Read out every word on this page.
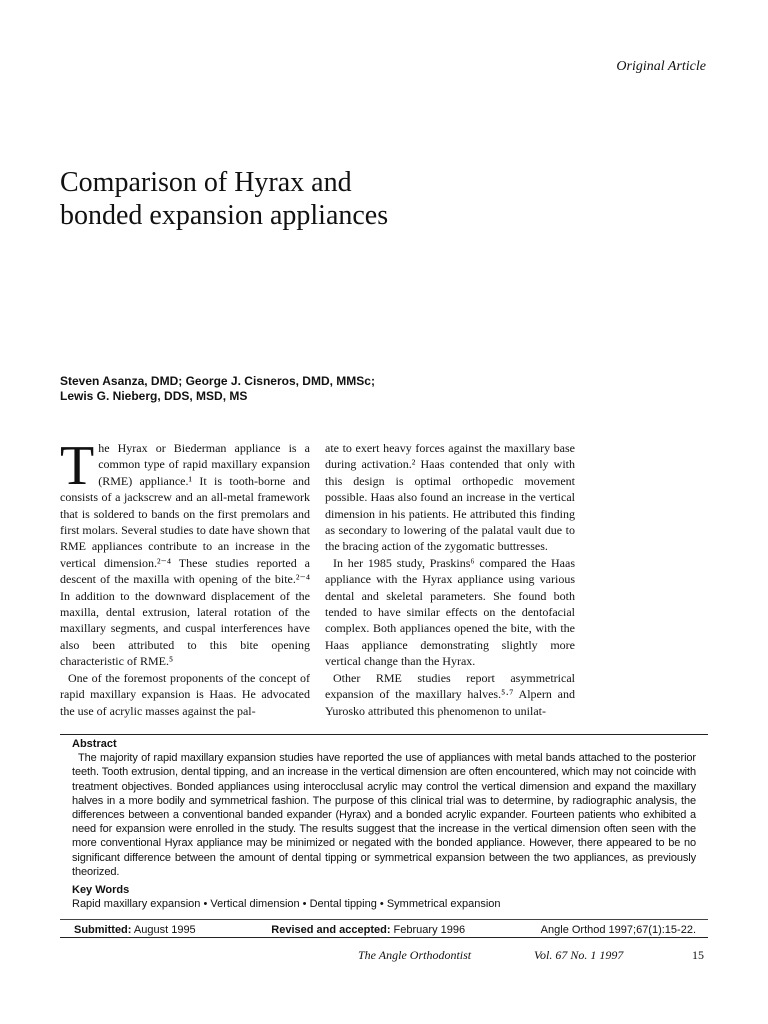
Original Article
Comparison of Hyrax and
bonded expansion appliances
Steven Asanza, DMD; George J. Cisneros, DMD, MMSc;
Lewis G. Nieberg, DDS, MSD, MS

The Hyrax or Biederman appliance is a common type of rapid maxillary expansion (RME) appliance.¹ It is tooth-borne and consists of a jackscrew and an all-metal framework that is soldered to bands on the first premolars and first molars. Several studies to date have shown that RME appliances contribute to an increase in the vertical dimension.²⁻⁴ These studies reported a descent of the maxilla with opening of the bite.²⁻⁴ In addition to the downward displacement of the maxilla, dental extrusion, lateral rotation of the maxillary segments, and cuspal interferences have also been attributed to this bite opening characteristic of RME.⁵

One of the foremost proponents of the concept of rapid maxillary expansion is Haas. He advocated the use of acrylic masses against the pal-

ate to exert heavy forces against the maxillary base during activation.² Haas contended that only with this design is optimal orthopedic movement possible. Haas also found an increase in the vertical dimension in his patients. He attributed this finding as secondary to lowering of the palatal vault due to the bracing action of the zygomatic buttresses.

In her 1985 study, Praskins⁶ compared the Haas appliance with the Hyrax appliance using various dental and skeletal parameters. She found both tended to have similar effects on the dentofacial complex. Both appliances opened the bite, with the Haas appliance demonstrating slightly more vertical change than the Hyrax.

Other RME studies report asymmetrical expansion of the maxillary halves.⁵·⁷ Alpern and Yurosko attributed this phenomenon to unilat-

Abstract

The majority of rapid maxillary expansion studies have reported the use of appliances with metal bands attached to the posterior teeth. Tooth extrusion, dental tipping, and an increase in the vertical dimension are often encountered, which may not coincide with treatment objectives. Bonded appliances using interocclusal acrylic may control the vertical dimension and expand the maxillary halves in a more bodily and symmetrical fashion. The purpose of this clinical trial was to determine, by radiographic analysis, the differences between a conventional banded expander (Hyrax) and a bonded acrylic expander. Fourteen patients who exhibited a need for expansion were enrolled in the study. The results suggest that the increase in the vertical dimension often seen with the more conventional Hyrax appliance may be minimized or negated with the bonded appliance. However, there appeared to be no significant difference between the amount of dental tipping or symmetrical expansion between the two appliances, as previously theorized.

Key Words

Rapid maxillary expansion • Vertical dimension • Dental tipping • Symmetrical expansion

Submitted: August 1995	Revised and accepted: February 1996	Angle Orthod 1997;67(1):15-22.
The Angle Orthodontist	Vol. 67 No. 1 1997	15
